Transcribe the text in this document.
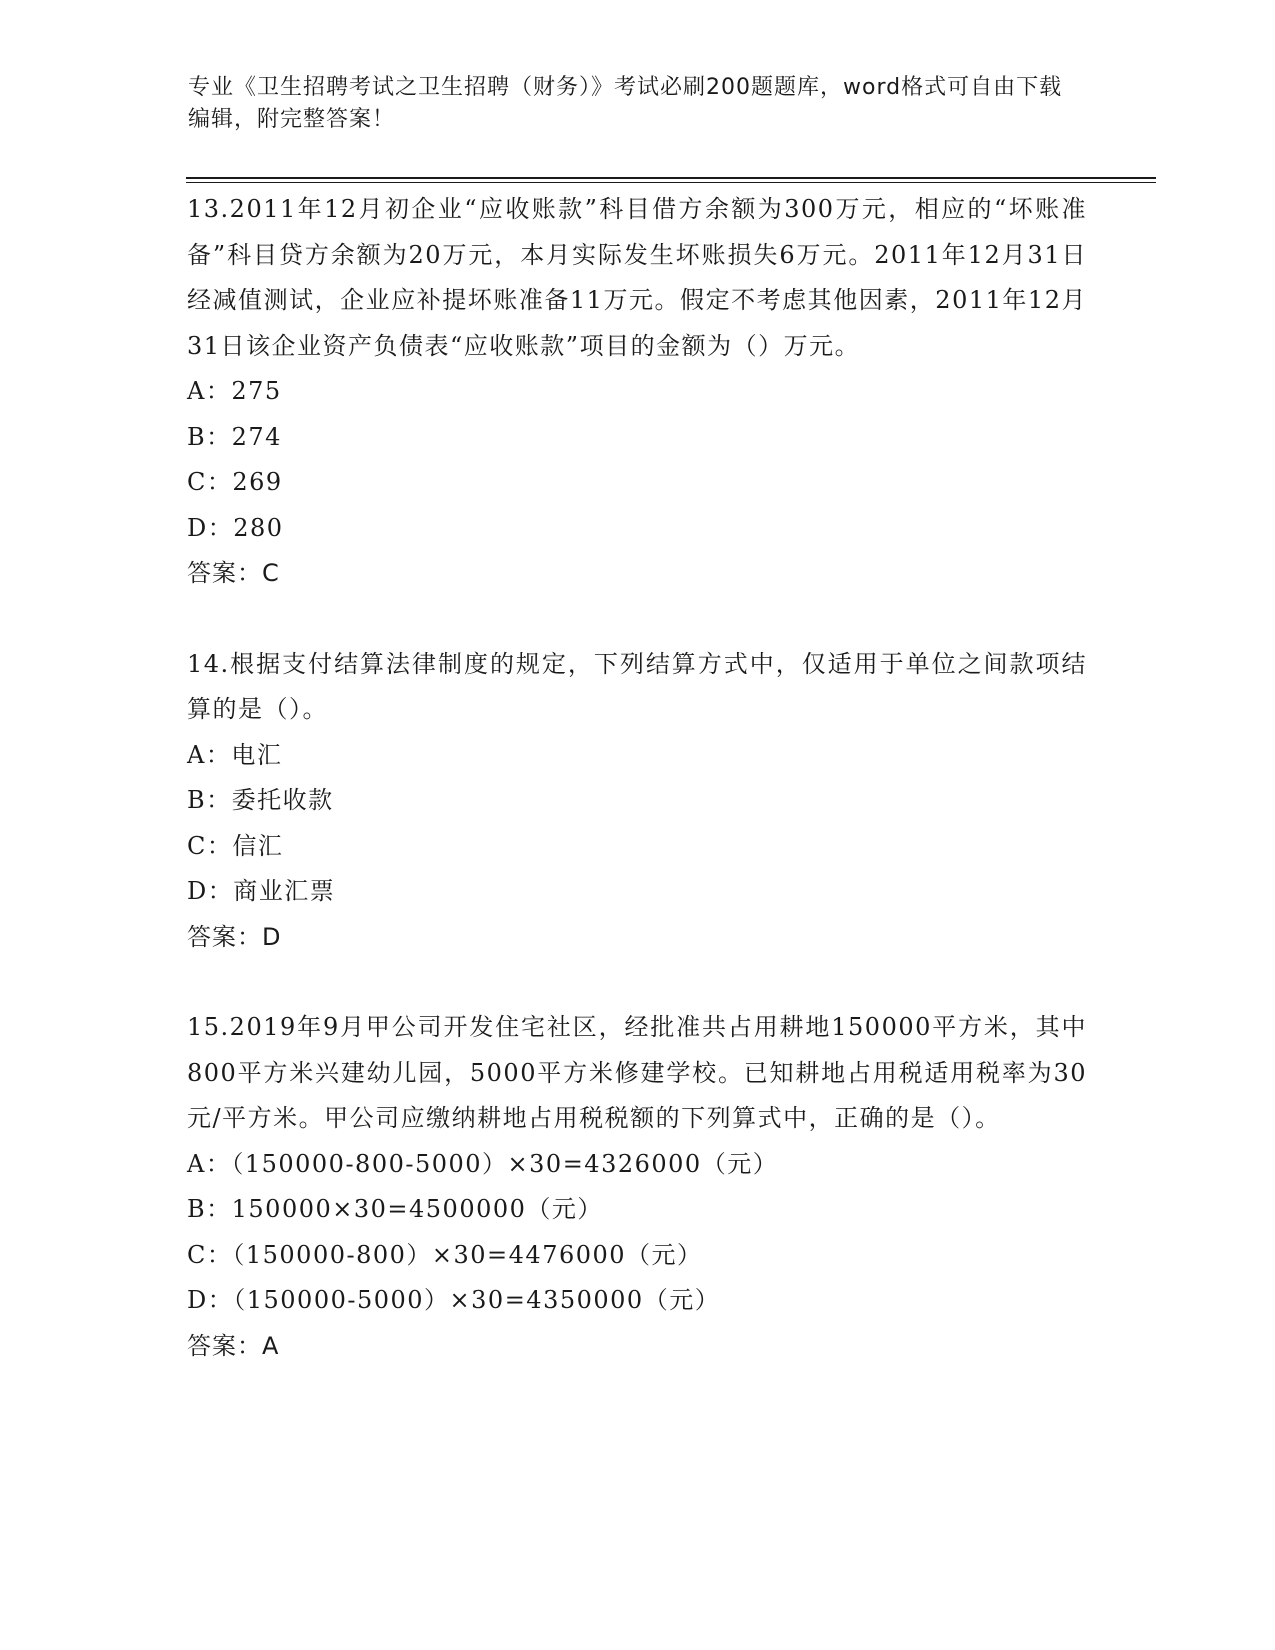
专业《卫生招聘考试之卫生招聘（财务）》考试必刷200题题库，word格式可自由下载编辑，附完整答案！

13.2011年12月初企业“应收账款”科目借方余额为300万元，相应的“坏账准备”科目贷方余额为20万元，本月实际发生坏账损失6万元。2011年12月31日经减值测试，企业应补提坏账准备11万元。假定不考虑其他因素，2011年12月31日该企业资产负债表“应收账款”项目的金额为（）万元。

A：275

B：274

C：269

D：280

答案：C

14.根据支付结算法律制度的规定，下列结算方式中，仅适用于单位之间款项结算的是（）。

A：电汇

B：委托收款

C：信汇

D：商业汇票

答案：D

15.2019年9月甲公司开发住宅社区，经批准共占用耕地150000平方米，其中800平方米兴建幼儿园，5000平方米修建学校。已知耕地占用税适用税率为30元/平方米。甲公司应缴纳耕地占用税税额的下列算式中，正确的是（）。

A：（150000-800-5000）×30=4326000（元）

B：150000×30=4500000（元）

C：（150000-800）×30=4476000（元）

D：（150000-5000）×30=4350000（元）

答案：A
